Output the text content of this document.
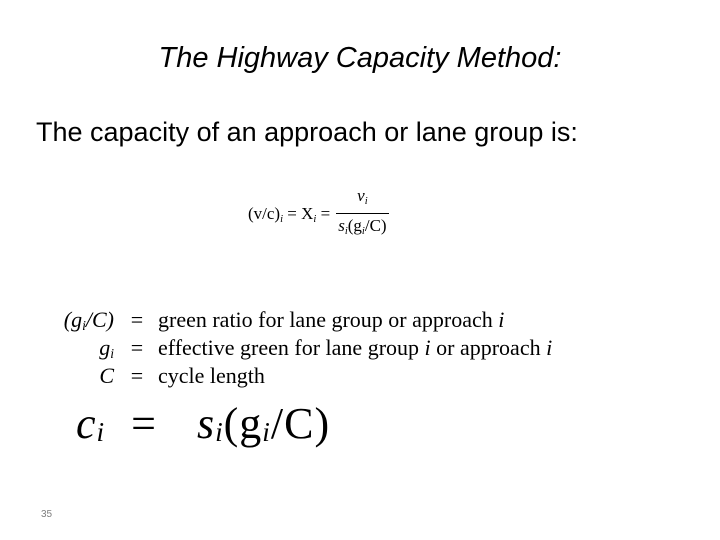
The Highway Capacity Method:
The capacity of an approach or lane group is:
$(v/c)_i = X_i = \frac{v_i}{s_i(g_i/C)}$
$(g_i/C)$ = green ratio for lane group or approach i
$g_i$ = effective green for lane group i or approach i
C = cycle length
$c_i = s_i(g_i/C)$
35
